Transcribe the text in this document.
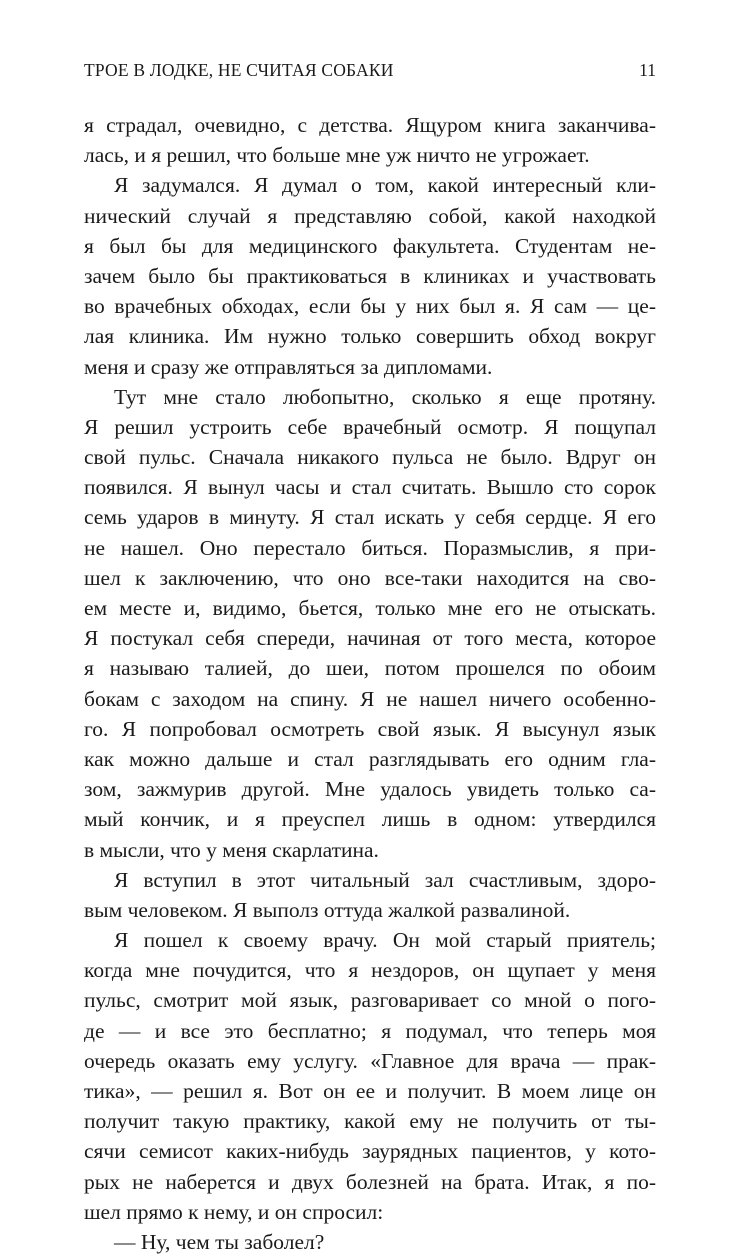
ТРОЕ В ЛОДКЕ, НЕ СЧИТАЯ СОБАКИ	11
я страдал, очевидно, с детства. Ящуром книга заканчива-
лась, и я решил, что больше мне уж ничто не угрожает.
Я задумался. Я думал о том, какой интересный кли-
нический случай я представляю собой, какой находкой
я был бы для медицинского факультета. Студентам не-
зачем было бы практиковаться в клиниках и участвовать
во врачебных обходах, если бы у них был я. Я сам — це-
лая клиника. Им нужно только совершить обход вокруг
меня и сразу же отправляться за дипломами.
Тут мне стало любопытно, сколько я еще протяну.
Я решил устроить себе врачебный осмотр. Я пощупал
свой пульс. Сначала никакого пульса не было. Вдруг он
появился. Я вынул часы и стал считать. Вышло сто сорок
семь ударов в минуту. Я стал искать у себя сердце. Я его
не нашел. Оно перестало биться. Поразмыслив, я при-
шел к заключению, что оно все-таки находится на сво-
ем месте и, видимо, бьется, только мне его не отыскать.
Я постукал себя спереди, начиная от того места, которое
я называю талией, до шеи, потом прошелся по обоим
бокам с заходом на спину. Я не нашел ничего особенно-
го. Я попробовал осмотреть свой язык. Я высунул язык
как можно дальше и стал разглядывать его одним гла-
зом, зажмурив другой. Мне удалось увидеть только са-
мый кончик, и я преуспел лишь в одном: утвердился
в мысли, что у меня скарлатина.
Я вступил в этот читальный зал счастливым, здоро-
вым человеком. Я выполз оттуда жалкой развалиной.
Я пошел к своему врачу. Он мой старый приятель;
когда мне почудится, что я нездоров, он щупает у меня
пульс, смотрит мой язык, разговаривает со мной о пого-
де — и все это бесплатно; я подумал, что теперь моя
очередь оказать ему услугу. «Главное для врача — прак-
тика», — решил я. Вот он ее и получит. В моем лице он
получит такую практику, какой ему не получить от ты-
сячи семисот каких-нибудь заурядных пациентов, у кото-
рых не наберется и двух болезней на брата. Итак, я по-
шел прямо к нему, и он спросил:
— Ну, чем ты заболел?
